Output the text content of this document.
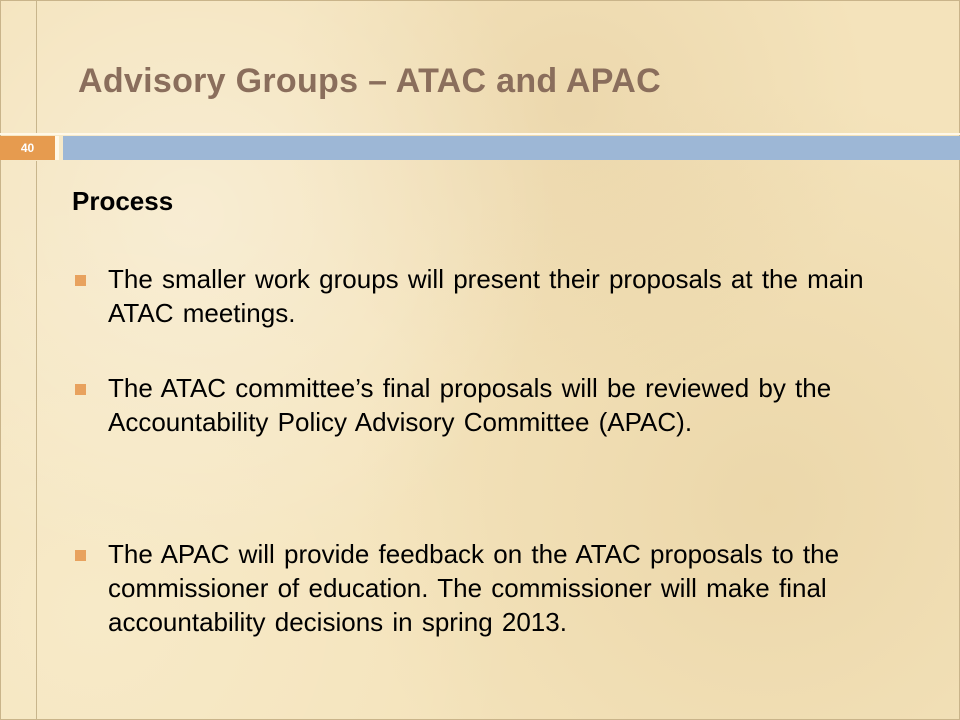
Advisory Groups – ATAC and APAC
40
Process
The smaller work groups will present their proposals at the main ATAC meetings.
The ATAC committee’s final proposals will be reviewed by the Accountability Policy Advisory Committee (APAC).
The APAC will provide feedback on the ATAC proposals to the commissioner of education. The commissioner will make final accountability decisions in spring 2013.
